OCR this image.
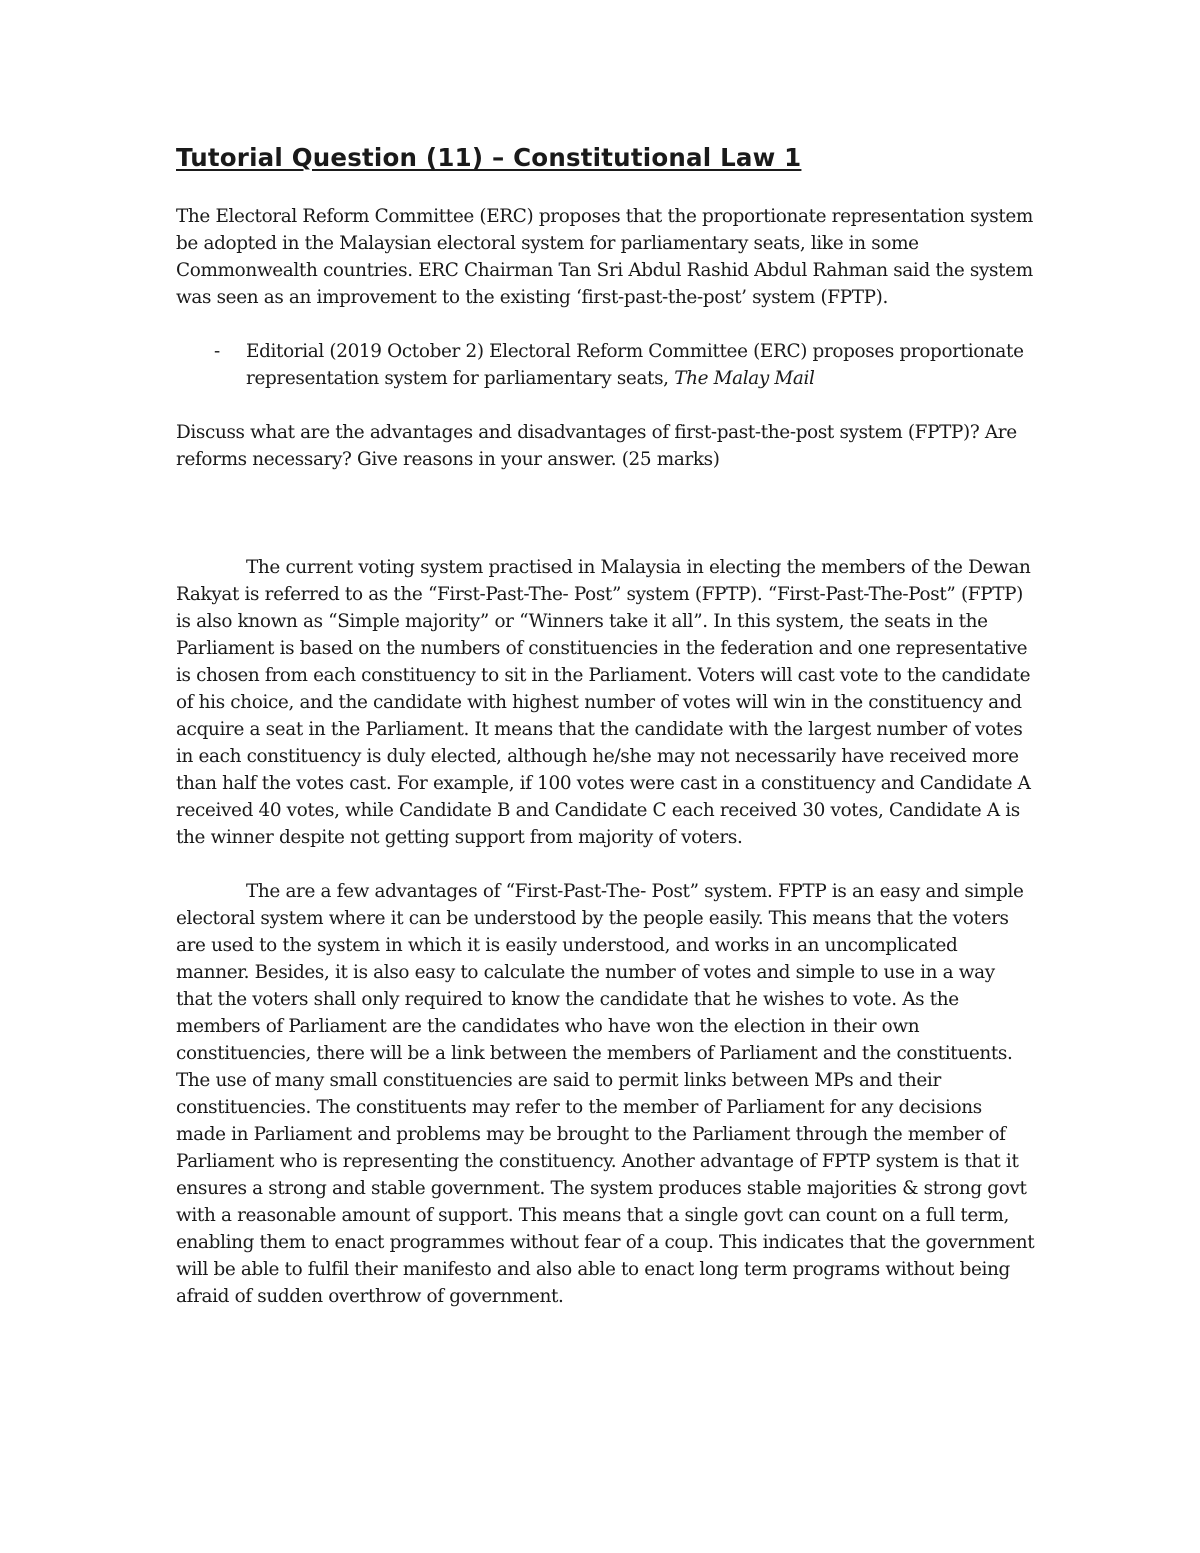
Tutorial Question (11) – Constitutional Law 1

The Electoral Reform Committee (ERC) proposes that the proportionate representation system be adopted in the Malaysian electoral system for parliamentary seats, like in some Commonwealth countries. ERC Chairman Tan Sri Abdul Rashid Abdul Rahman said the system was seen as an improvement to the existing ‘first-past-the-post’ system (FPTP).

-	Editorial (2019 October 2) Electoral Reform Committee (ERC) proposes proportionate representation system for parliamentary seats, The Malay Mail

Discuss what are the advantages and disadvantages of first-past-the-post system (FPTP)? Are reforms necessary? Give reasons in your answer. (25 marks)

The current voting system practised in Malaysia in electing the members of the Dewan Rakyat is referred to as the “First-Past-The- Post” system (FPTP). “First-Past-The-Post” (FPTP) is also known as “Simple majority” or “Winners take it all”. In this system, the seats in the Parliament is based on the numbers of constituencies in the federation and one representative is chosen from each constituency to sit in the Parliament. Voters will cast vote to the candidate of his choice, and the candidate with highest number of votes will win in the constituency and acquire a seat in the Parliament. It means that the candidate with the largest number of votes in each constituency is duly elected, although he/she may not necessarily have received more than half the votes cast. For example, if 100 votes were cast in a constituency and Candidate A received 40 votes, while Candidate B and Candidate C each received 30 votes, Candidate A is the winner despite not getting support from majority of voters.

The are a few advantages of “First-Past-The- Post” system. FPTP is an easy and simple electoral system where it can be understood by the people easily. This means that the voters are used to the system in which it is easily understood, and works in an uncomplicated manner. Besides, it is also easy to calculate the number of votes and simple to use in a way that the voters shall only required to know the candidate that he wishes to vote. As the members of Parliament are the candidates who have won the election in their own constituencies, there will be a link between the members of Parliament and the constituents. The use of many small constituencies are said to permit links between MPs and their constituencies. The constituents may refer to the member of Parliament for any decisions made in Parliament and problems may be brought to the Parliament through the member of Parliament who is representing the constituency. Another advantage of FPTP system is that it ensures a strong and stable government. The system produces stable majorities & strong govt with a reasonable amount of support. This means that a single govt can count on a full term, enabling them to enact programmes without fear of a coup. This indicates that the government will be able to fulfil their manifesto and also able to enact long term programs without being afraid of sudden overthrow of government.
